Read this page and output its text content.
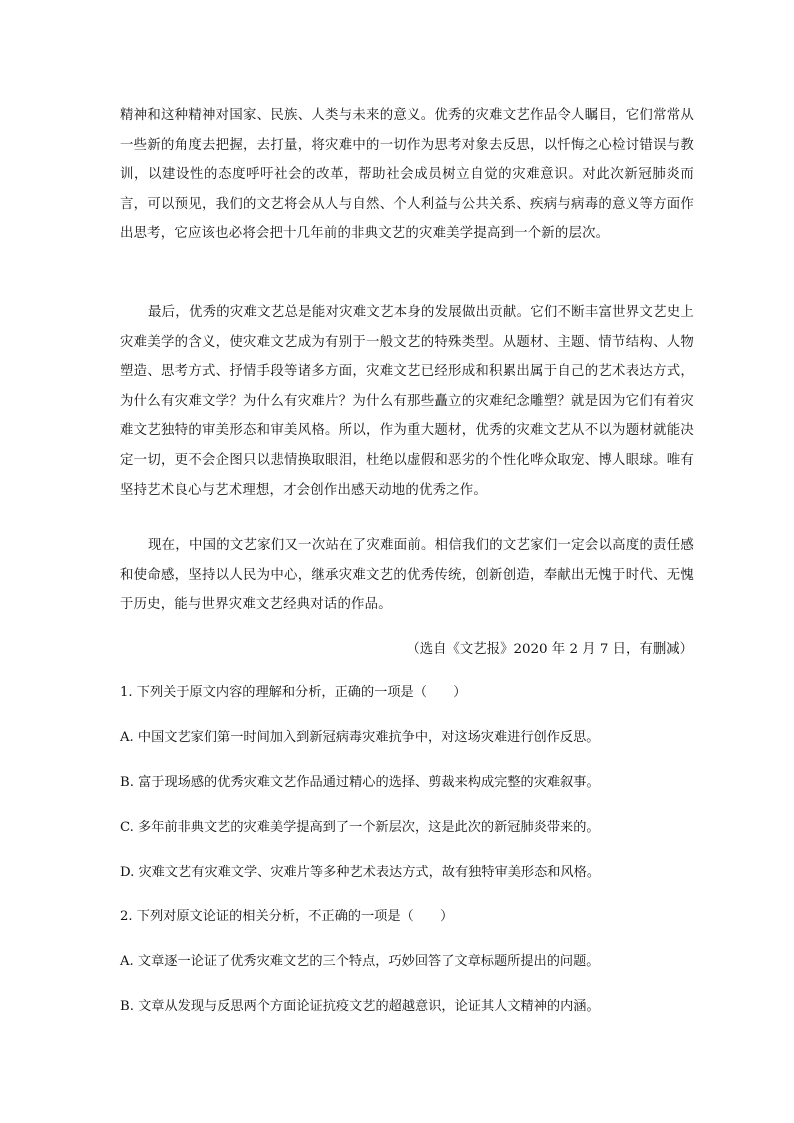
精神和这种精神对国家、民族、人类与未来的意义。优秀的灾难文艺作品令人瞩目，它们常常从一些新的角度去把握，去打量，将灾难中的一切作为思考对象去反思，以忏悔之心检讨错误与教训，以建设性的态度呼吁社会的改革，帮助社会成员树立自觉的灾难意识。对此次新冠肺炎而言，可以预见，我们的文艺将会从人与自然、个人利益与公共关系、疾病与病毒的意义等方面作出思考，它应该也必将会把十几年前的非典文艺的灾难美学提高到一个新的层次。

最后，优秀的灾难文艺总是能对灾难文艺本身的发展做出贡献。它们不断丰富世界文艺史上灾难美学的含义，使灾难文艺成为有别于一般文艺的特殊类型。从题材、主题、情节结构、人物塑造、思考方式、抒情手段等诸多方面，灾难文艺已经形成和积累出属于自己的艺术表达方式，为什么有灾难文学？为什么有灾难片？为什么有那些矗立的灾难纪念雕塑？就是因为它们有着灾难文艺独特的审美形态和审美风格。所以，作为重大题材，优秀的灾难文艺从不以为题材就能决定一切，更不会企图只以悲情换取眼泪，杜绝以虚假和恶劣的个性化哗众取宠、博人眼球。唯有坚持艺术良心与艺术理想，才会创作出感天动地的优秀之作。

现在，中国的文艺家们又一次站在了灾难面前。相信我们的文艺家们一定会以高度的责任感和使命感，坚持以人民为中心，继承灾难文艺的优秀传统，创新创造，奉献出无愧于时代、无愧于历史，能与世界灾难文艺经典对话的作品。

（选自《文艺报》2020 年 2 月 7 日，有删减）

1. 下列关于原文内容的理解和分析，正确的一项是（　　）

A. 中国文艺家们第一时间加入到新冠病毒灾难抗争中，对这场灾难进行创作反思。

B. 富于现场感的优秀灾难文艺作品通过精心的选择、剪裁来构成完整的灾难叙事。

C. 多年前非典文艺的灾难美学提高到了一个新层次，这是此次的新冠肺炎带来的。

D. 灾难文艺有灾难文学、灾难片等多种艺术表达方式，故有独特审美形态和风格。

2. 下列对原文论证的相关分析，不正确的一项是（　　）

A. 文章逐一论证了优秀灾难文艺的三个特点，巧妙回答了文章标题所提出的问题。

B. 文章从发现与反思两个方面论证抗疫文艺的超越意识，论证其人文精神的内涵。
